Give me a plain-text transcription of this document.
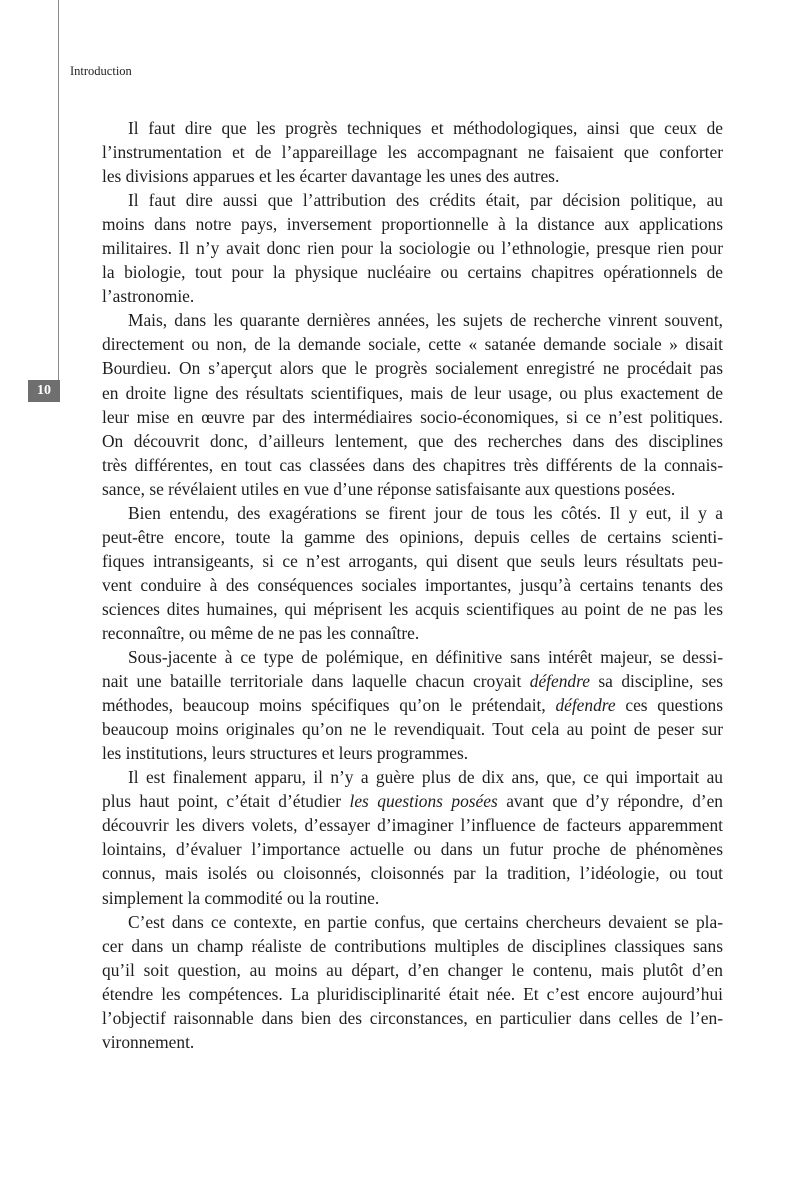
10
Introduction
Il faut dire que les progrès techniques et méthodologiques, ainsi que ceux de
l’instrumentation et de l’appareillage les accompagnant ne faisaient que conforter
les divisions apparues et les écarter davantage les unes des autres.
Il faut dire aussi que l’attribution des crédits était, par décision politique, au
moins dans notre pays, inversement proportionnelle à la distance aux applications
militaires. Il n’y avait donc rien pour la sociologie ou l’ethnologie, presque rien pour
la biologie, tout pour la physique nucléaire ou certains chapitres opérationnels de
l’astronomie.
Mais, dans les quarante dernières années, les sujets de recherche vinrent souvent,
directement ou non, de la demande sociale, cette « satanée demande sociale » disait
Bourdieu. On s’aperçut alors que le progrès socialement enregistré ne procédait pas
en droite ligne des résultats scientifiques, mais de leur usage, ou plus exactement de
leur mise en œuvre par des intermédiaires socio-économiques, si ce n’est politiques.
On découvrit donc, d’ailleurs lentement, que des recherches dans des disciplines
très différentes, en tout cas classées dans des chapitres très différents de la connais-
sance, se révélaient utiles en vue d’une réponse satisfaisante aux questions posées.
Bien entendu, des exagérations se firent jour de tous les côtés. Il y eut, il y a
peut-être encore, toute la gamme des opinions, depuis celles de certains scienti-
fiques intransigeants, si ce n’est arrogants, qui disent que seuls leurs résultats peu-
vent conduire à des conséquences sociales importantes, jusqu’à certains tenants des
sciences dites humaines, qui méprisent les acquis scientifiques au point de ne pas les
reconnaître, ou même de ne pas les connaître.
Sous-jacente à ce type de polémique, en définitive sans intérêt majeur, se dessi-
nait une bataille territoriale dans laquelle chacun croyait défendre sa discipline, ses
méthodes, beaucoup moins spécifiques qu’on le prétendait, défendre ces questions
beaucoup moins originales qu’on ne le revendiquait. Tout cela au point de peser sur
les institutions, leurs structures et leurs programmes.
Il est finalement apparu, il n’y a guère plus de dix ans, que, ce qui importait au
plus haut point, c’était d’étudier les questions posées avant que d’y répondre, d’en
découvrir les divers volets, d’essayer d’imaginer l’influence de facteurs apparemment
lointains, d’évaluer l’importance actuelle ou dans un futur proche de phénomènes
connus, mais isolés ou cloisonnés, cloisonnés par la tradition, l’idéologie, ou tout
simplement la commodité ou la routine.
C’est dans ce contexte, en partie confus, que certains chercheurs devaient se pla-
cer dans un champ réaliste de contributions multiples de disciplines classiques sans
qu’il soit question, au moins au départ, d’en changer le contenu, mais plutôt d’en
étendre les compétences. La pluridisciplinarité était née. Et c’est encore aujourd’hui
l’objectif raisonnable dans bien des circonstances, en particulier dans celles de l’en-
vironnement.
